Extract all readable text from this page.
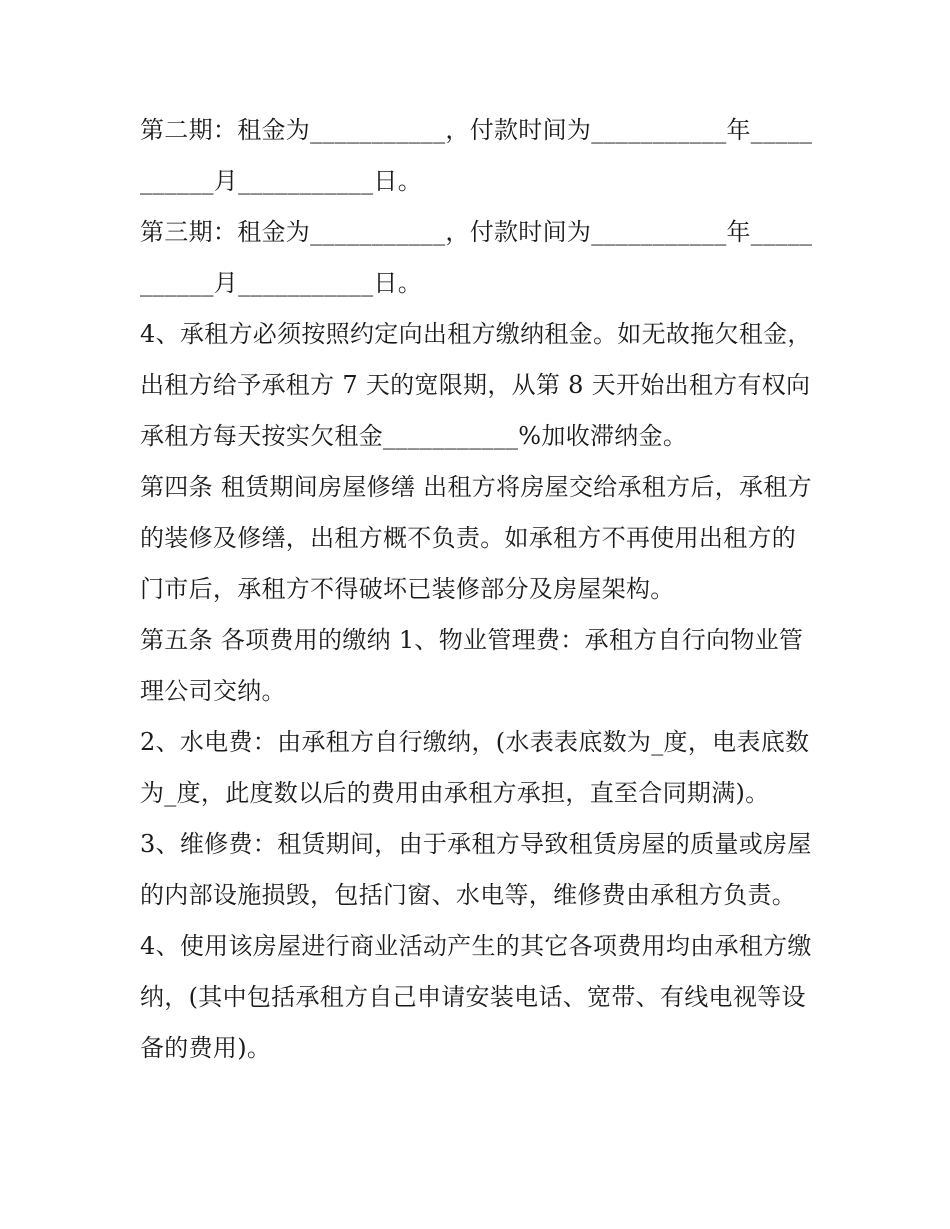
第二期：租金为___________，付款时间为___________年___________月___________日。

第三期：租金为___________，付款时间为___________年___________月___________日。

4、承租方必须按照约定向出租方缴纳租金。如无故拖欠租金，出租方给予承租方 7 天的宽限期，从第 8 天开始出租方有权向承租方每天按实欠租金___________%加收滞纳金。

第四条 租赁期间房屋修缮 出租方将房屋交给承租方后，承租方的装修及修缮，出租方概不负责。如承租方不再使用出租方的门市后，承租方不得破坏已装修部分及房屋架构。

第五条 各项费用的缴纳 1、物业管理费：承租方自行向物业管理公司交纳。

2、水电费：由承租方自行缴纳，(水表表底数为_度，电表底数为_度，此度数以后的费用由承租方承担，直至合同期满)。

3、维修费：租赁期间，由于承租方导致租赁房屋的质量或房屋的内部设施损毁，包括门窗、水电等，维修费由承租方负责。

4、使用该房屋进行商业活动产生的其它各项费用均由承租方缴纳，(其中包括承租方自己申请安装电话、宽带、有线电视等设备的费用)。
